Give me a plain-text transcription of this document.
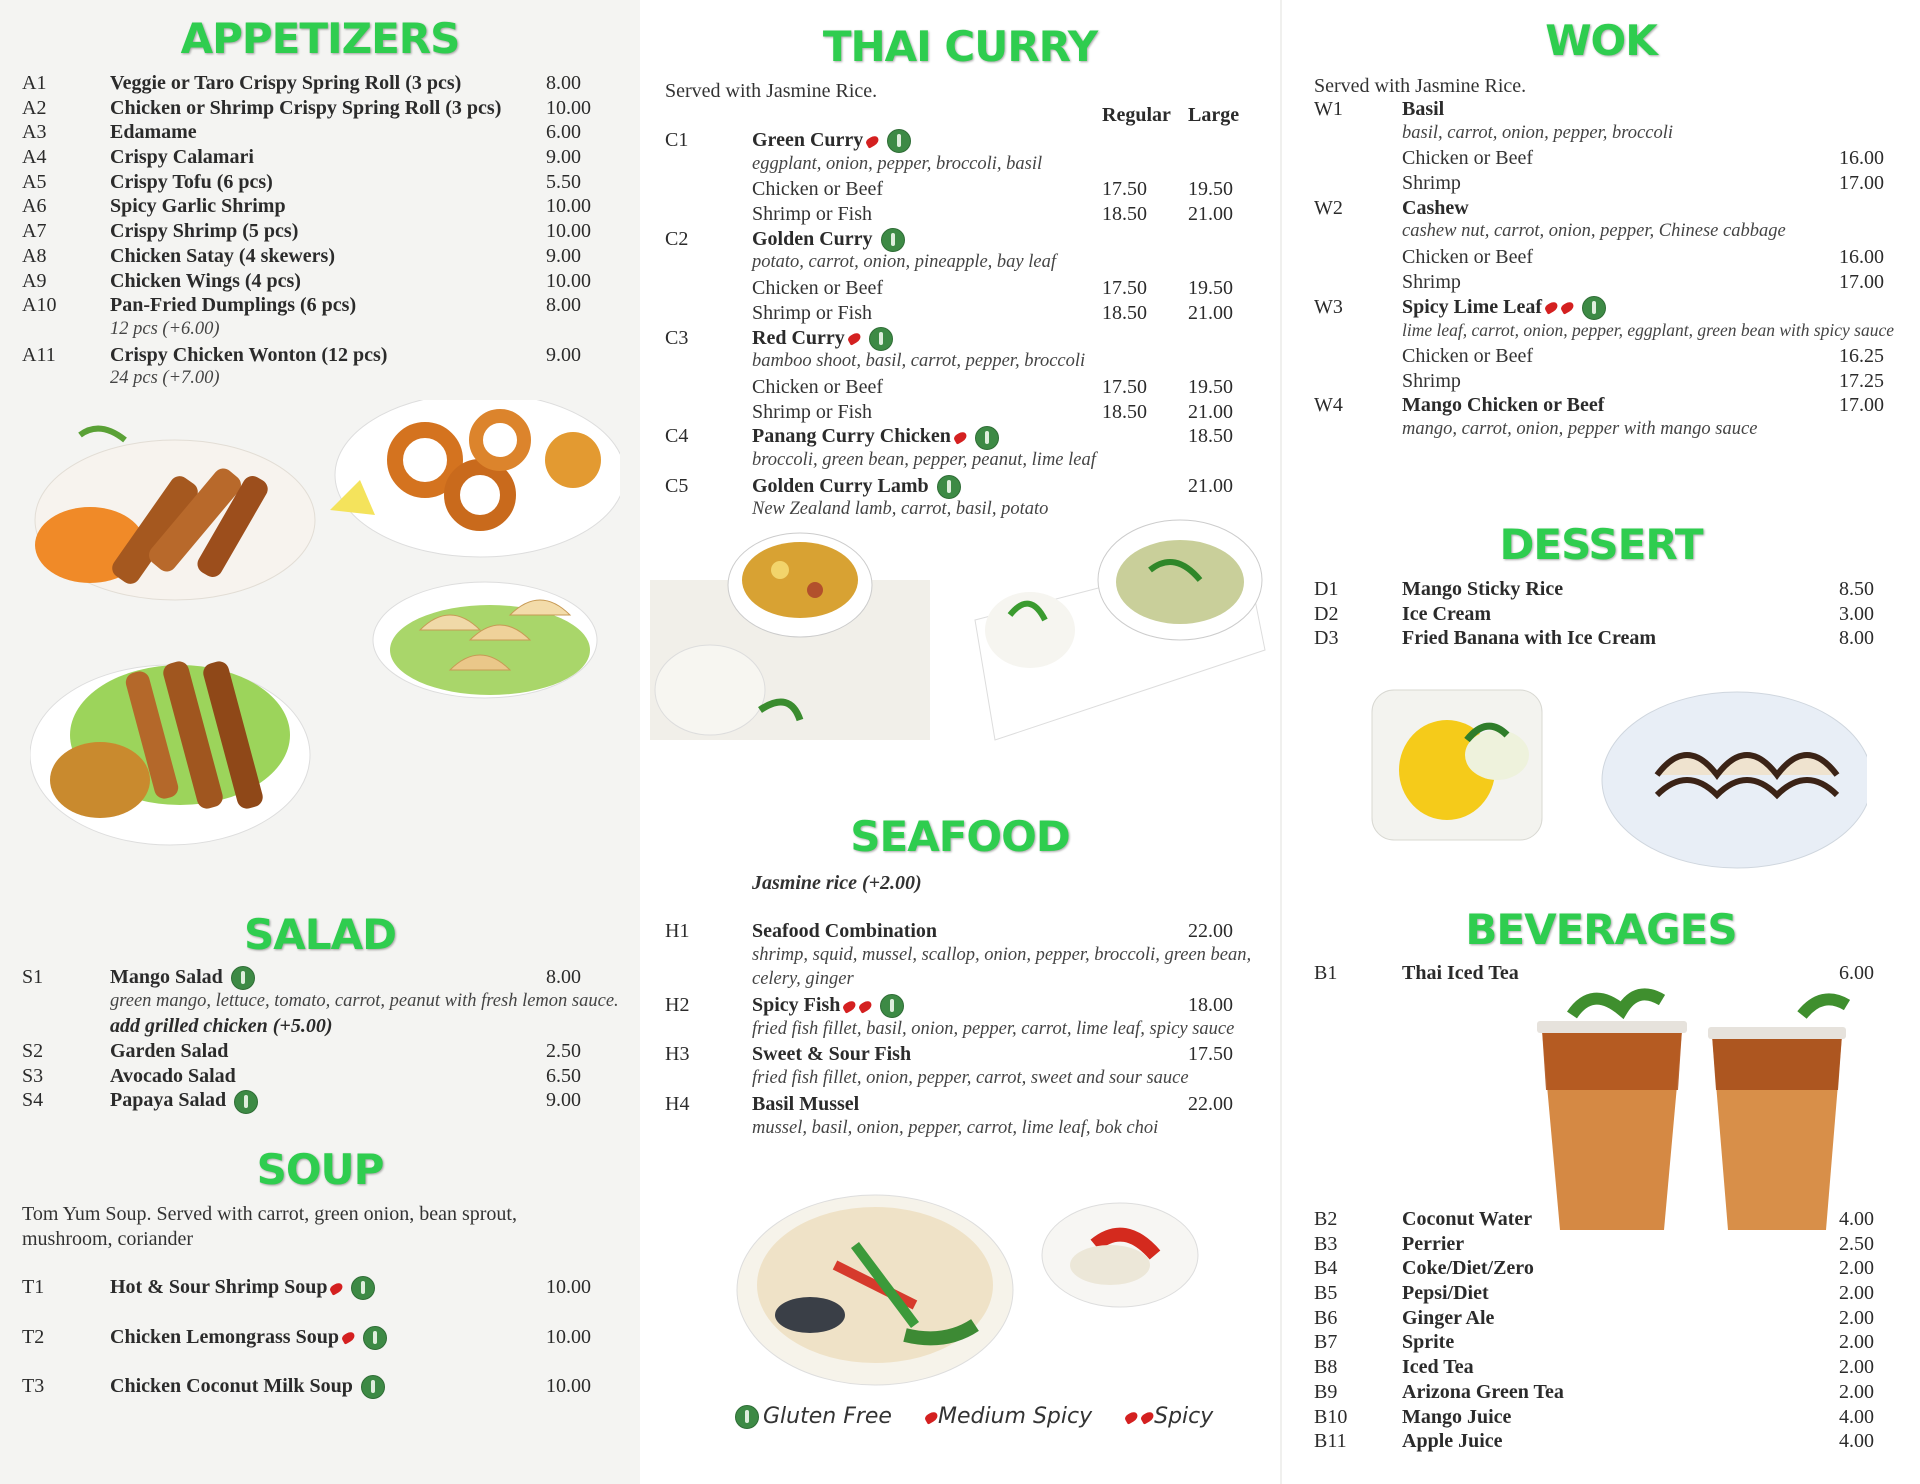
APPETIZERS
A1	Veggie or Taro Crispy Spring Roll (3 pcs)	8.00
A2	Chicken or Shrimp Crispy Spring Roll (3 pcs) 10.00
A3	Edamame	6.00
A4	Crispy Calamari	9.00
A5	Crispy Tofu (6 pcs)	5.50
A6	Spicy Garlic Shrimp	10.00
A7	Crispy Shrimp (5 pcs)	10.00
A8	Chicken Satay (4 skewers)	9.00
A9	Chicken Wings (4 pcs)	10.00
A10	Pan-Fried Dumplings (6 pcs)	8.00
12 pcs (+6.00)
A11	Crispy Chicken Wonton (12 pcs)	9.00
24 pcs (+7.00)
SALAD
S1	Mango Salad	8.00
green mango, lettuce, tomato, carrot, peanut with fresh lemon sauce.
add grilled chicken (+5.00)
S2	Garden Salad	2.50
S3	Avocado Salad	6.50
S4	Papaya Salad	9.00
SOUP
Tom Yum Soup. Served with carrot, green onion, bean sprout, mushroom, coriander
T1	Hot & Sour Shrimp Soup	10.00
T2	Chicken Lemongrass Soup	10.00
T3	Chicken Coconut Milk Soup	10.00
THAI CURRY
Served with Jasmine Rice.
Regular Large
C1	Green Curry
eggplant, onion, pepper, broccoli, basil
Chicken or Beef	17.50 19.50
Shrimp or Fish	18.50 21.00
C2	Golden Curry
potato, carrot, onion, pineapple, bay leaf
Chicken or Beef	17.50 19.50
Shrimp or Fish	18.50 21.00
C3	Red Curry
bamboo shoot, basil, carrot, pepper, broccoli
Chicken or Beef	17.50 19.50
Shrimp or Fish	18.50 21.00
C4	Panang Curry Chicken	18.50
broccoli, green bean, pepper, peanut, lime leaf
C5	Golden Curry Lamb	21.00
New Zealand lamb, carrot, basil, potato
SEAFOOD
Jasmine rice (+2.00)
H1	Seafood Combination	22.00
shrimp, squid, mussel, scallop, onion, pepper, broccoli, green bean,
celery, ginger
H2	Spicy Fish	18.00
fried fish fillet, basil, onion, pepper, carrot, lime leaf, spicy sauce
H3	Sweet & Sour Fish	17.50
fried fish fillet, onion, pepper, carrot, sweet and sour sauce
H4	Basil Mussel	22.00
mussel, basil, onion, pepper, carrot, lime leaf, bok choi
Gluten Free Medium Spicy	Spicy
WOK
Served with Jasmine Rice.
W1	Basil
basil, carrot, onion, pepper, broccoli
Chicken or Beef	16.00
Shrimp	17.00
W2	Cashew
cashew nut, carrot, onion, pepper, Chinese cabbage
Chicken or Beef	16.00
Shrimp	17.00
W3	Spicy Lime Leaf
lime leaf, carrot, onion, pepper, eggplant, green bean with spicy sauce
Chicken or Beef	16.25
Shrimp	17.25
W4	Mango Chicken or Beef	17.00
mango, carrot, onion, pepper with mango sauce
DESSERT
D1	Mango Sticky Rice	8.50
D2	Ice Cream	3.00
D3	Fried Banana with Ice Cream	8.00
BEVERAGES
B1	Thai Iced Tea	6.00
B2	Coconut Water	4.00
B3	Perrier	2.50
B4	Coke/Diet/Zero	2.00
B5	Pepsi/Diet	2.00
B6	Ginger Ale	2.00
B7	Sprite	2.00
B8	Iced Tea	2.00
B9	Arizona Green Tea	2.00
B10	Mango Juice	4.00
B11	Apple Juice	4.00
